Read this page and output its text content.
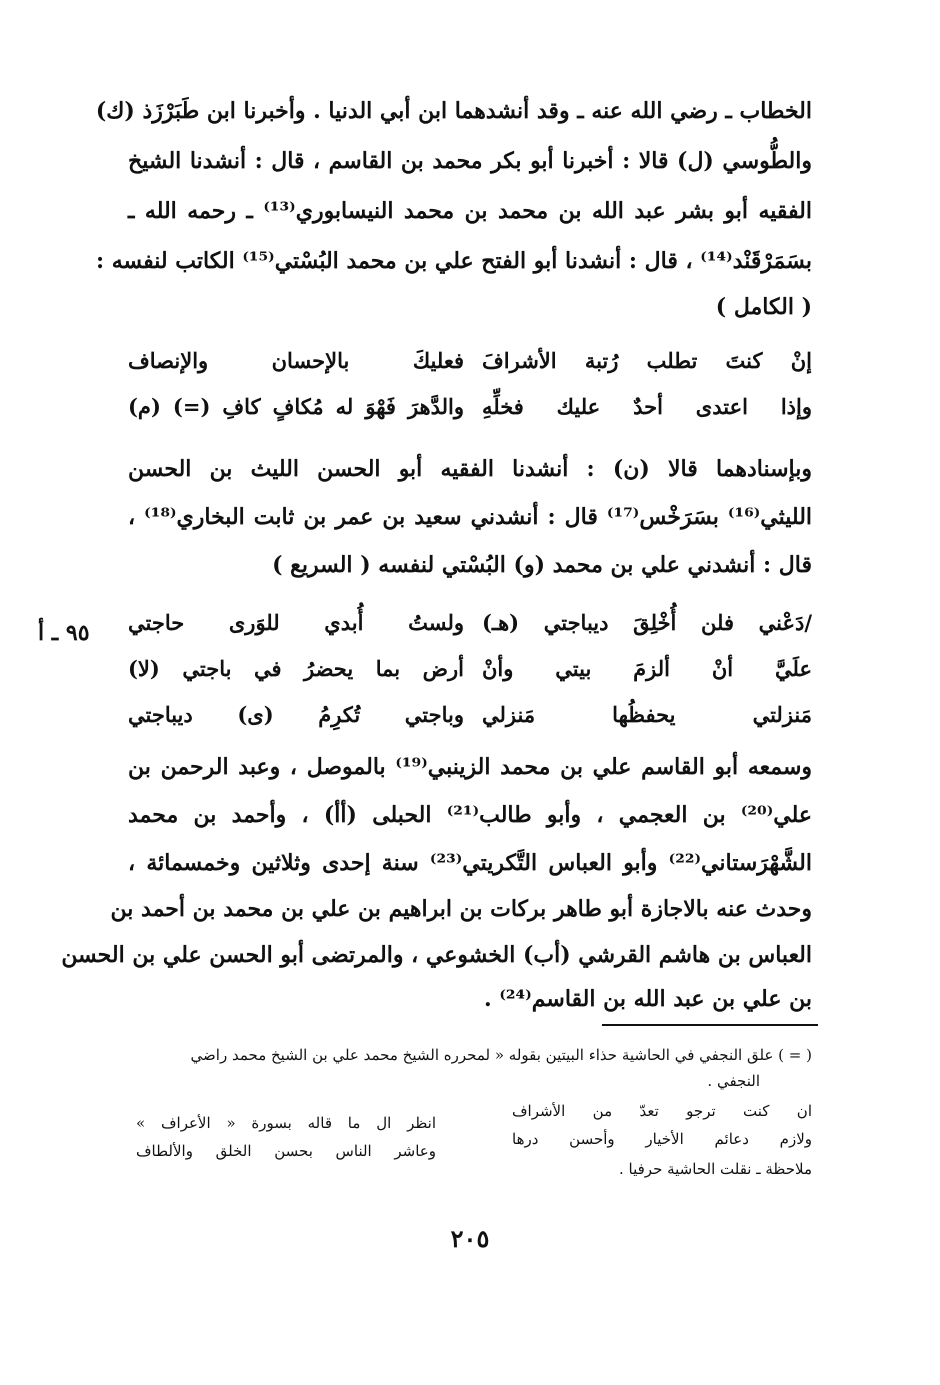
الخطاب ـ رضي الله عنه ـ وقد أنشدهما ابن أبي الدنيا . وأخبرنا ابن طَبَرْزَذ (ك)
والطُّوسي (ل) قالا : أخبرنا أبو بكر محمد بن القاسم ، قال : أنشدنا الشيخ
الفقيه أبو بشر عبد الله بن محمد بن محمد النيسابوري⁽¹³⁾ ـ رحمه الله ـ
بسَمَرْقَنْد⁽¹⁴⁾ ، قال : أنشدنا أبو الفتح علي بن محمد البُسْتي⁽¹⁵⁾ الكاتب لنفسه :
( الكامل )
إنْ كنتَ تطلب رُتبة الأشرافَ
فعليكَ بالإحسان والإنصاف
وإذا اعتدى أحدٌ عليك فخلِّهِ
والدَّهرَ فَهْوَ له مُكافٍ كافِ (=) (م)
وبإسنادهما قالا (ن) : أنشدنا الفقيه أبو الحسن الليث بن الحسن
الليثي⁽¹⁶⁾ بسَرَخْس⁽¹⁷⁾ قال : أنشدني سعيد بن عمر بن ثابت البخاري⁽¹⁸⁾ ،
قال : أنشدني علي بن محمد (و) البُسْتي لنفسه ( السريع )
٩٥ ـ أ	/دَعْني فلن أُخْلِقَ ديباجتي (هـ)
ولستُ أُبدي للوَرى حاجتي
علَيَّ أنْ ألزمَ بيتي وأنْ
أرض بما يحضرُ في باجتي (لا)
مَنزلتي يحفظُها مَنزلي
وباجتي تُكرِمُ (ى) ديباجتي
وسمعه أبو القاسم علي بن محمد الزينبي⁽¹⁹⁾ بالموصل ، وعبد الرحمن بن
علي⁽²⁰⁾ بن العجمي ، وأبو طالب⁽²¹⁾ الحبلى (أأ) ، وأحمد بن محمد
الشَّهْرَستاني⁽²²⁾ وأبو العباس التَّكريتي⁽²³⁾ سنة إحدى وثلاثين وخمسمائة ،
وحدث عنه بالاجازة أبو طاهر بركات بن ابراهيم بن علي بن محمد بن أحمد بن
العباس بن هاشم القرشي (أب) الخشوعي ، والمرتضى أبو الحسن علي بن الحسن
بن علي بن عبد الله بن القاسم⁽²⁴⁾ .
( = ) علق النجفي في الحاشية حذاء البيتين بقوله « لمحرره الشيخ محمد علي بن الشيخ محمد راضي
النجفي .
ان كنت ترجو تعدّ من الأشراف
انظر ال ما قاله بسورة « الأعراف »
ولازم دعائم الأخيار وأحسن درها
وعاشر الناس بحسن الخلق والألطاف
ملاحظة ـ نقلت الحاشية حرفيا .
٢٠٥
